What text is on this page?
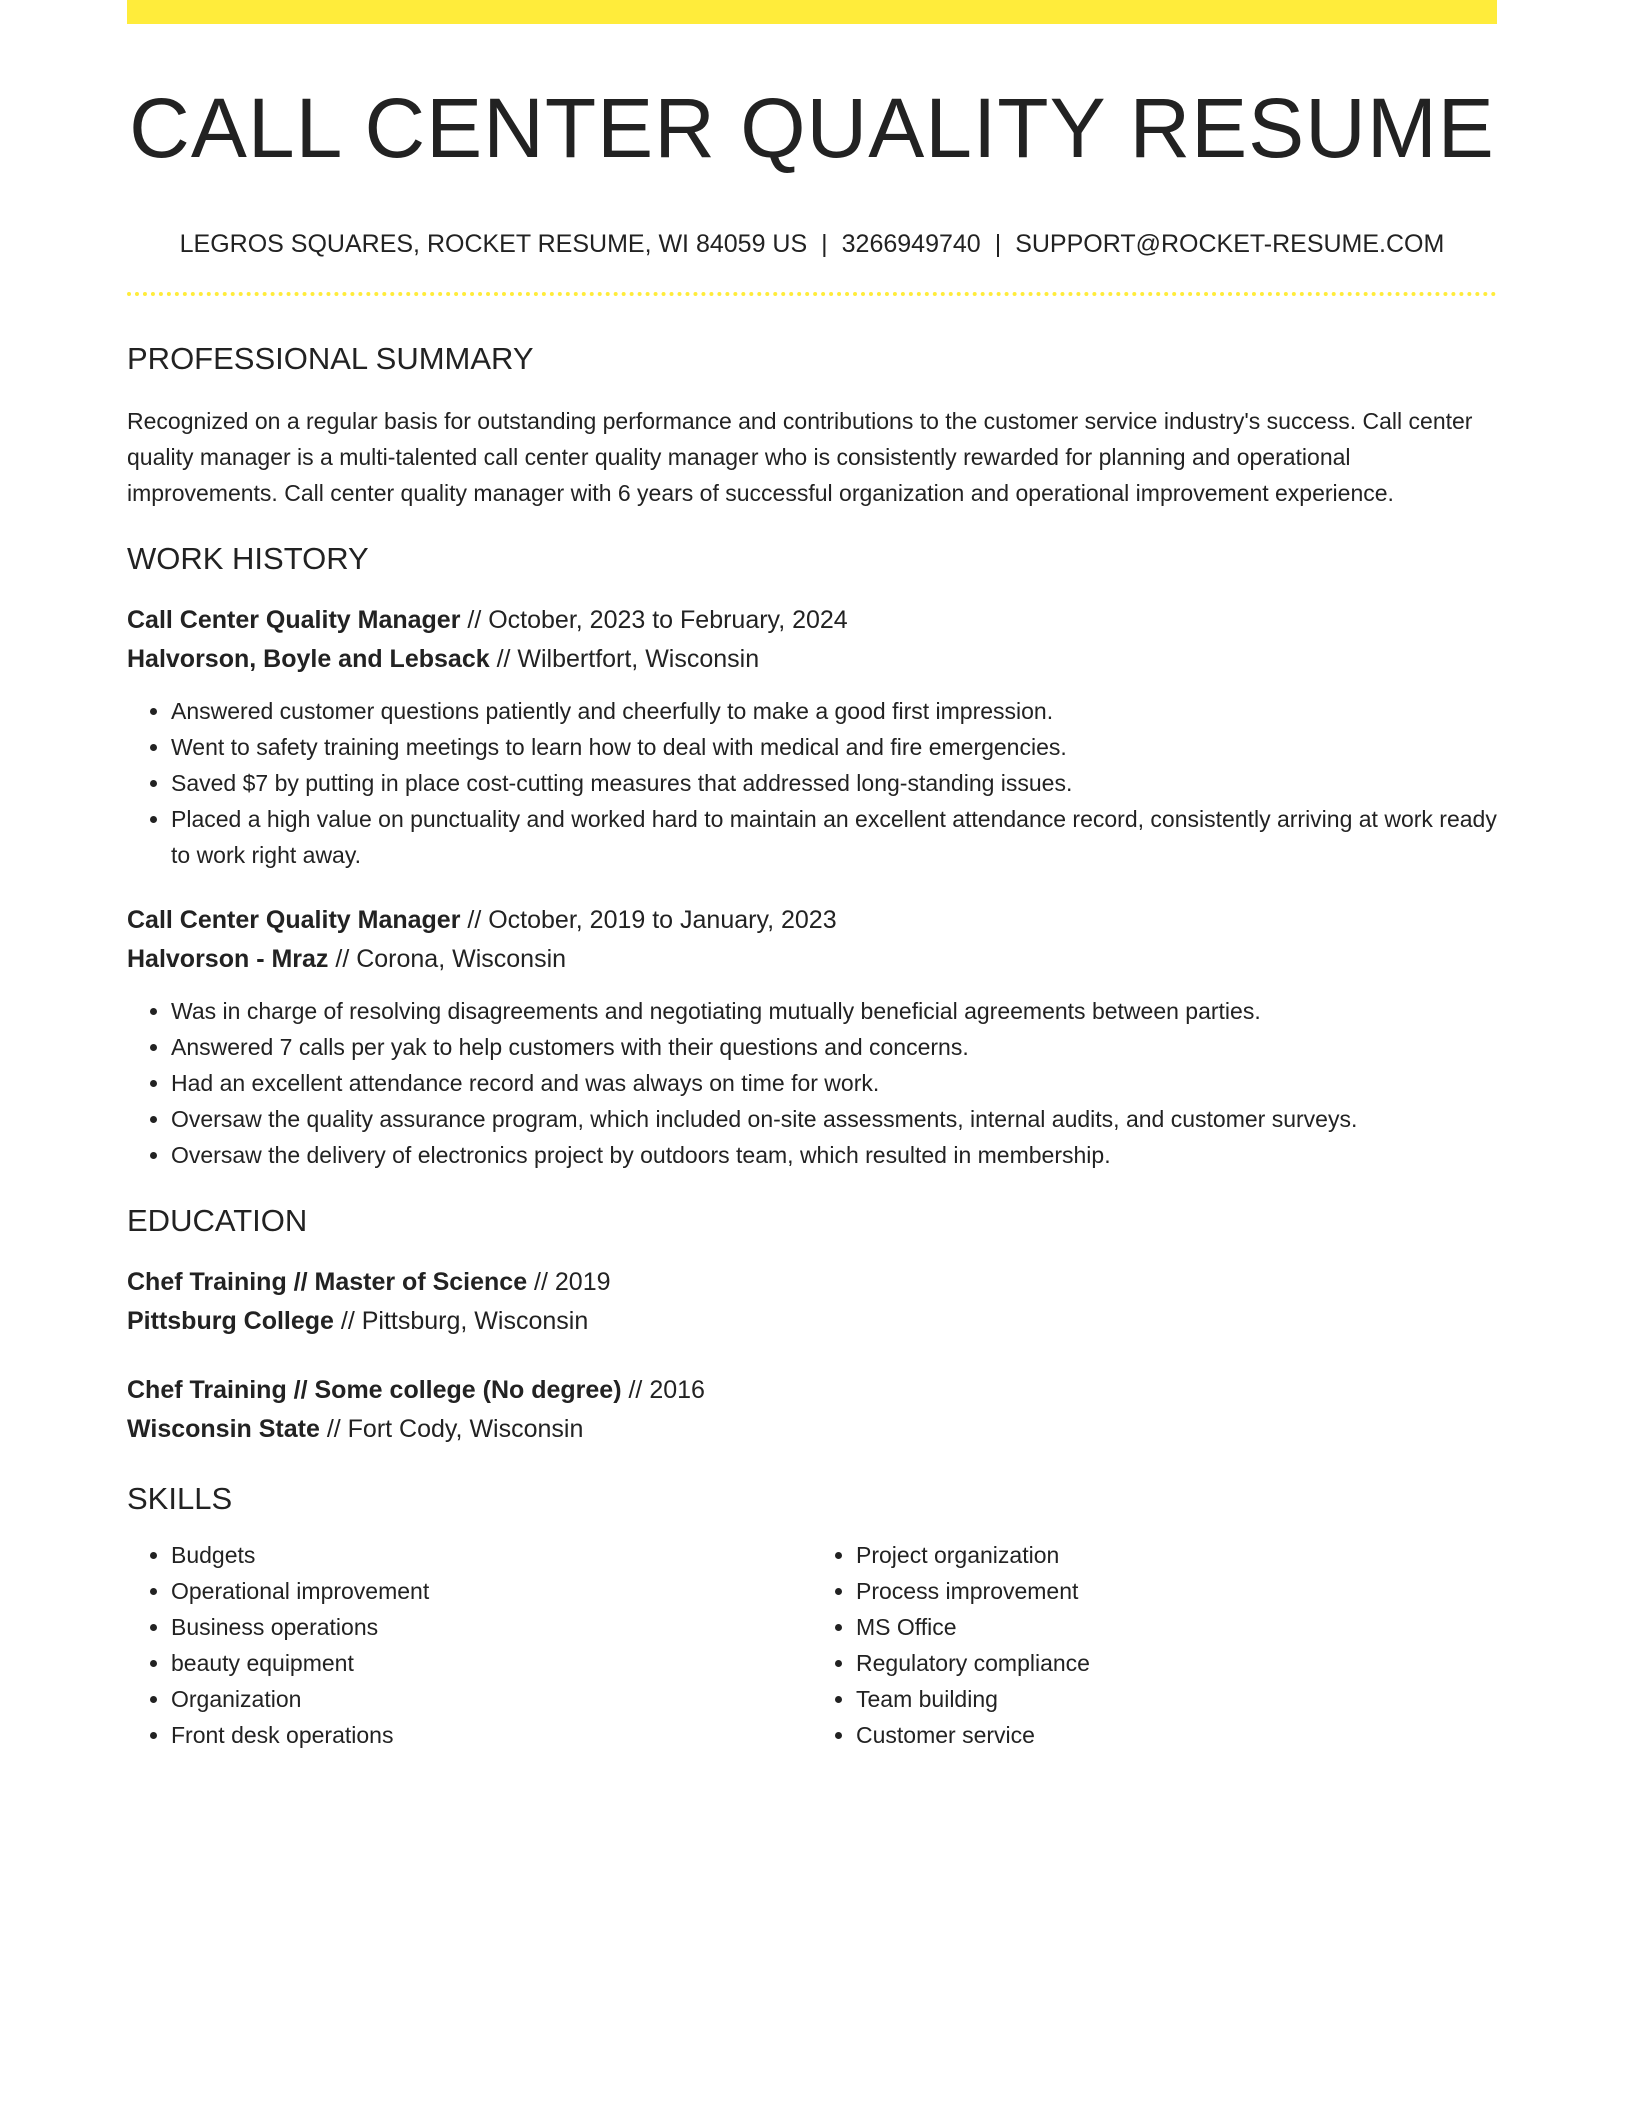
CALL CENTER QUALITY RESUME
LEGROS SQUARES, ROCKET RESUME, WI 84059 US | 3266949740 | SUPPORT@ROCKET-RESUME.COM
PROFESSIONAL SUMMARY
Recognized on a regular basis for outstanding performance and contributions to the customer service industry's success. Call center quality manager is a multi-talented call center quality manager who is consistently rewarded for planning and operational improvements. Call center quality manager with 6 years of successful organization and operational improvement experience.
WORK HISTORY
Call Center Quality Manager // October, 2023 to February, 2024
Halvorson, Boyle and Lebsack // Wilbertfort, Wisconsin
• Answered customer questions patiently and cheerfully to make a good first impression.
• Went to safety training meetings to learn how to deal with medical and fire emergencies.
• Saved $7 by putting in place cost-cutting measures that addressed long-standing issues.
• Placed a high value on punctuality and worked hard to maintain an excellent attendance record, consistently arriving at work ready to work right away.
Call Center Quality Manager // October, 2019 to January, 2023
Halvorson - Mraz // Corona, Wisconsin
• Was in charge of resolving disagreements and negotiating mutually beneficial agreements between parties.
• Answered 7 calls per yak to help customers with their questions and concerns.
• Had an excellent attendance record and was always on time for work.
• Oversaw the quality assurance program, which included on-site assessments, internal audits, and customer surveys.
• Oversaw the delivery of electronics project by outdoors team, which resulted in membership.
EDUCATION
Chef Training // Master of Science // 2019
Pittsburg College // Pittsburg, Wisconsin
Chef Training // Some college (No degree) // 2016
Wisconsin State // Fort Cody, Wisconsin
SKILLS
• Budgets
• Operational improvement
• Business operations
• beauty equipment
• Organization
• Front desk operations
• Project organization
• Process improvement
• MS Office
• Regulatory compliance
• Team building
• Customer service
